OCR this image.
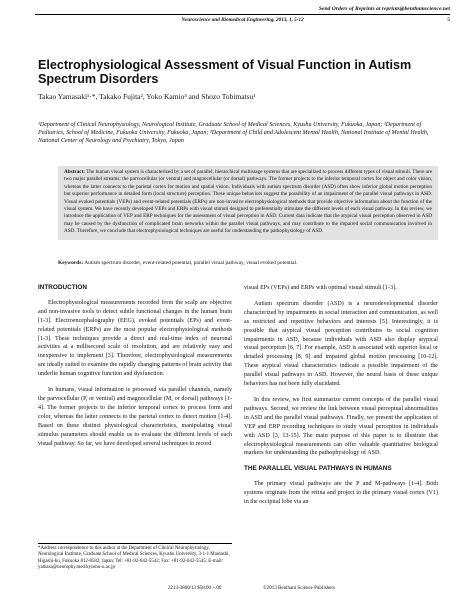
Send Orders of Reprints at reprints@benthamscience.net
Neuroscience and Biomedical Engineering, 2013, 1, 5-12	5
Electrophysiological Assessment of Visual Function in Autism Spectrum Disorders
Takao Yamasaki¹·*, Takako Fujita², Yoko Kamio³ and Shozo Tobimatsu¹
¹Department of Clinical Neurophysiology, Neurological Institute, Graduate School of Medical Sciences, Kyushu University, Fukuoka, Japan; ²Department of Pediatrics, School of Medicine, Fukuoka University, Fukuoka, Japan; ³Department of Child and Adolescent Mental Health, National Institute of Mental Health, National Center of Neurology and Psychiatry, Tokyo, Japan
Abstract: The human visual system is characterized by a set of parallel, hierarchical multistage systems that are specialized to process different types of visual stimuli. There are two major parallel streams: the parvocellular (or ventral) and magnocellular (or dorsal) pathways. The former projects to the inferior temporal cortex for object and color vision, whereas the latter connects to the parietal cortex for motion and spatial vision. Individuals with autism spectrum disorder (ASD) often show inferior global motion perception but superior performance in detailed form (local structure) perception. These unique behaviors suggest the possibility of an impairment of the parallel visual pathways in ASD. Visual evoked potentials (VEPs) and event-related potentials (ERPs) are non-invasive electrophysiological methods that provide objective information about the function of the visual system. We have recently developed VEPs and ERPs with visual stimuli designed to preferentially stimulate the different levels of each visual pathway. In this review, we introduce the application of VEP and ERP techniques for the assessment of visual perception in ASD. Current data indicate that the atypical visual perception observed in ASD may be caused by the dysfunction of complicated brain networks within the parallel visual pathways, and may contribute to the impaired social communication involved in ASD. Therefore, we conclude that electrophysiological techniques are useful for understanding the pathophysiology of ASD.
Keywords: Autism spectrum disorder, event-related potential, parallel visual pathway, visual evoked potential.
INTRODUCTION

Electrophysiological measurements recorded from the scalp are objective and non-invasive tools to detect subtle functional changes in the human brain [1-3]. Electroencephalography (EEG), evoked potentials (EPs) and event-related potentials (ERPs) are the most popular electrophysiological methods [1-3]. These techniques provide a direct and real-time index of neuronal activities at a millisecond scale of resolution, and are relatively easy and inexpensive to implement [3]. Therefore, electrophysiological measurements are ideally suited to examine the rapidly changing patterns of brain activity that underlie human cognitive function and dysfunction.

In humans, visual information is processed via parallel channels, namely the parvocellular (P, or ventral) and magnocellular (M, or dorsal) pathways [1-4]. The former projects to the inferior temporal cortex to process form and color, whereas the latter connects to the parietal cortex to detect motion [1-4]. Based on these distinct physiological characteristics, manipulating visual stimulus parameters should enable us to evaluate the different levels of each visual pathway. So far, we have developed several techniques to record

visual EPs (VEPs) and ERPs with optimal visual stimuli [1-3].

Autism spectrum disorder (ASD) is a neurodevelopmental disorder characterized by impairments in social interaction and communication, as well as restricted and repetitive behaviors and interests [5]. Interestingly, it is possible that atypical visual perception contributes to social cognition impairments in ASD, because individuals with ASD also display atypical visual perception [6, 7]. For example, ASD is associated with superior local or detailed processing [8, 9] and impaired global motion processing [10-12]. These atypical visual characteristics indicate a possible impairment of the parallel visual pathways in ASD. However, the neural basis of these unique behaviors has not been fully elucidated.

In this review, we first summarize current concepts of the parallel visual pathways. Second, we review the link between visual perceptual abnormalities in ASD and the parallel visual pathways. Finally, we present the application of VEP and ERP recording techniques to study visual perception in individuals with ASD [3, 13-15]. The main purpose of this paper is to illustrate that electrophysiological measurements can offer valuable quantitative biological markers for understanding the pathophysiology of ASD.

THE PARALLEL VISUAL PATHWAYS IN HUMANS

The primary visual pathways are the P and M-pathways [1-4]. Both systems originate from the retina and project to the primary visual cortex (V1) in the occipital lobe via an

*Address correspondence to this author at the Department of Clinical Neurophysiology, Neurological Institute, Graduate School of Medical Sciences, Kyushu University, 3-1-1 Maidashi, Higashi-ku, Fukuoka 812-8582, Japan; Tel: +81-92-642-5542; Fax: +81-92-642-5545; E-mail: yamasa@neurophy.med.kyushu-u.ac.jp
2213-3860/13 $58.00 +.00	©2013 Bentham Science Publishers
